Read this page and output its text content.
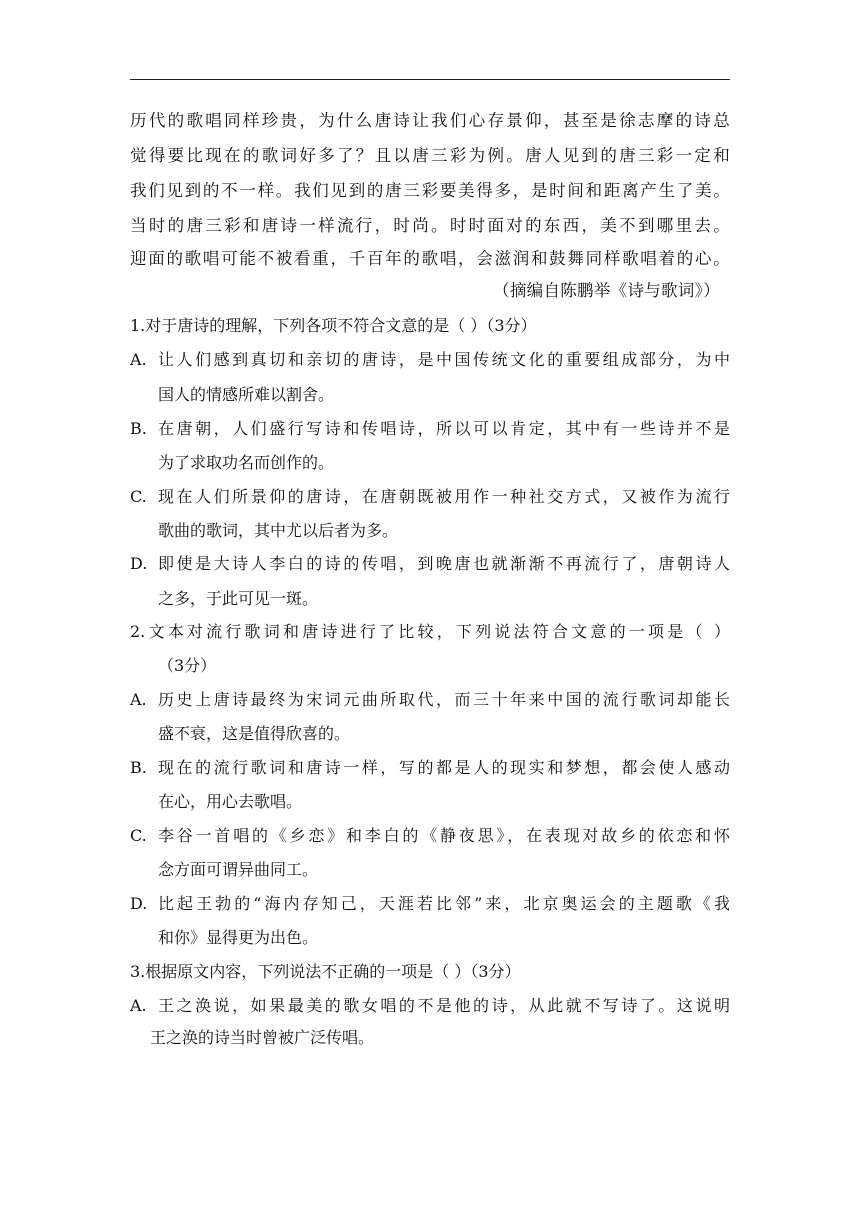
历代的歌唱同样珍贵，为什么唐诗让我们心存景仰，甚至是徐志摩的诗总
觉得要比现在的歌词好多了？且以唐三彩为例。唐人见到的唐三彩一定和
我们见到的不一样。我们见到的唐三彩要美得多，是时间和距离产生了美。
当时的唐三彩和唐诗一样流行，时尚。时时面对的东西，美不到哪里去。
迎面的歌唱可能不被看重，千百年的歌唱，会滋润和鼓舞同样歌唱着的心。
（摘编自陈鹏举《诗与歌词》）
1.对于唐诗的理解，下列各项不符合文意的是（ ）（3分）
A. 让人们感到真切和亲切的唐诗，是中国传统文化的重要组成部分，为中
国人的情感所难以割舍。
B. 在唐朝，人们盛行写诗和传唱诗，所以可以肯定，其中有一些诗并不是
为了求取功名而创作的。
C. 现在人们所景仰的唐诗，在唐朝既被用作一种社交方式，又被作为流行
歌曲的歌词，其中尤以后者为多。
D. 即使是大诗人李白的诗的传唱，到晚唐也就渐渐不再流行了，唐朝诗人
之多，于此可见一斑。
2.文本对流行歌词和唐诗进行了比较，下列说法符合文意的一项是（ ）
（3分）
A. 历史上唐诗最终为宋词元曲所取代，而三十年来中国的流行歌词却能长
盛不衰，这是值得欣喜的。
B. 现在的流行歌词和唐诗一样，写的都是人的现实和梦想，都会使人感动
在心，用心去歌唱。
C. 李谷一首唱的《乡恋》和李白的《静夜思》，在表现对故乡的依恋和怀
念方面可谓异曲同工。
D. 比起王勃的“海内存知己，天涯若比邻”来，北京奥运会的主题歌《我
和你》显得更为出色。
3.根据原文内容，下列说法不正确的一项是（ ）（3分）
A. 王之涣说，如果最美的歌女唱的不是他的诗，从此就不写诗了。这说明
王之涣的诗当时曾被广泛传唱。
